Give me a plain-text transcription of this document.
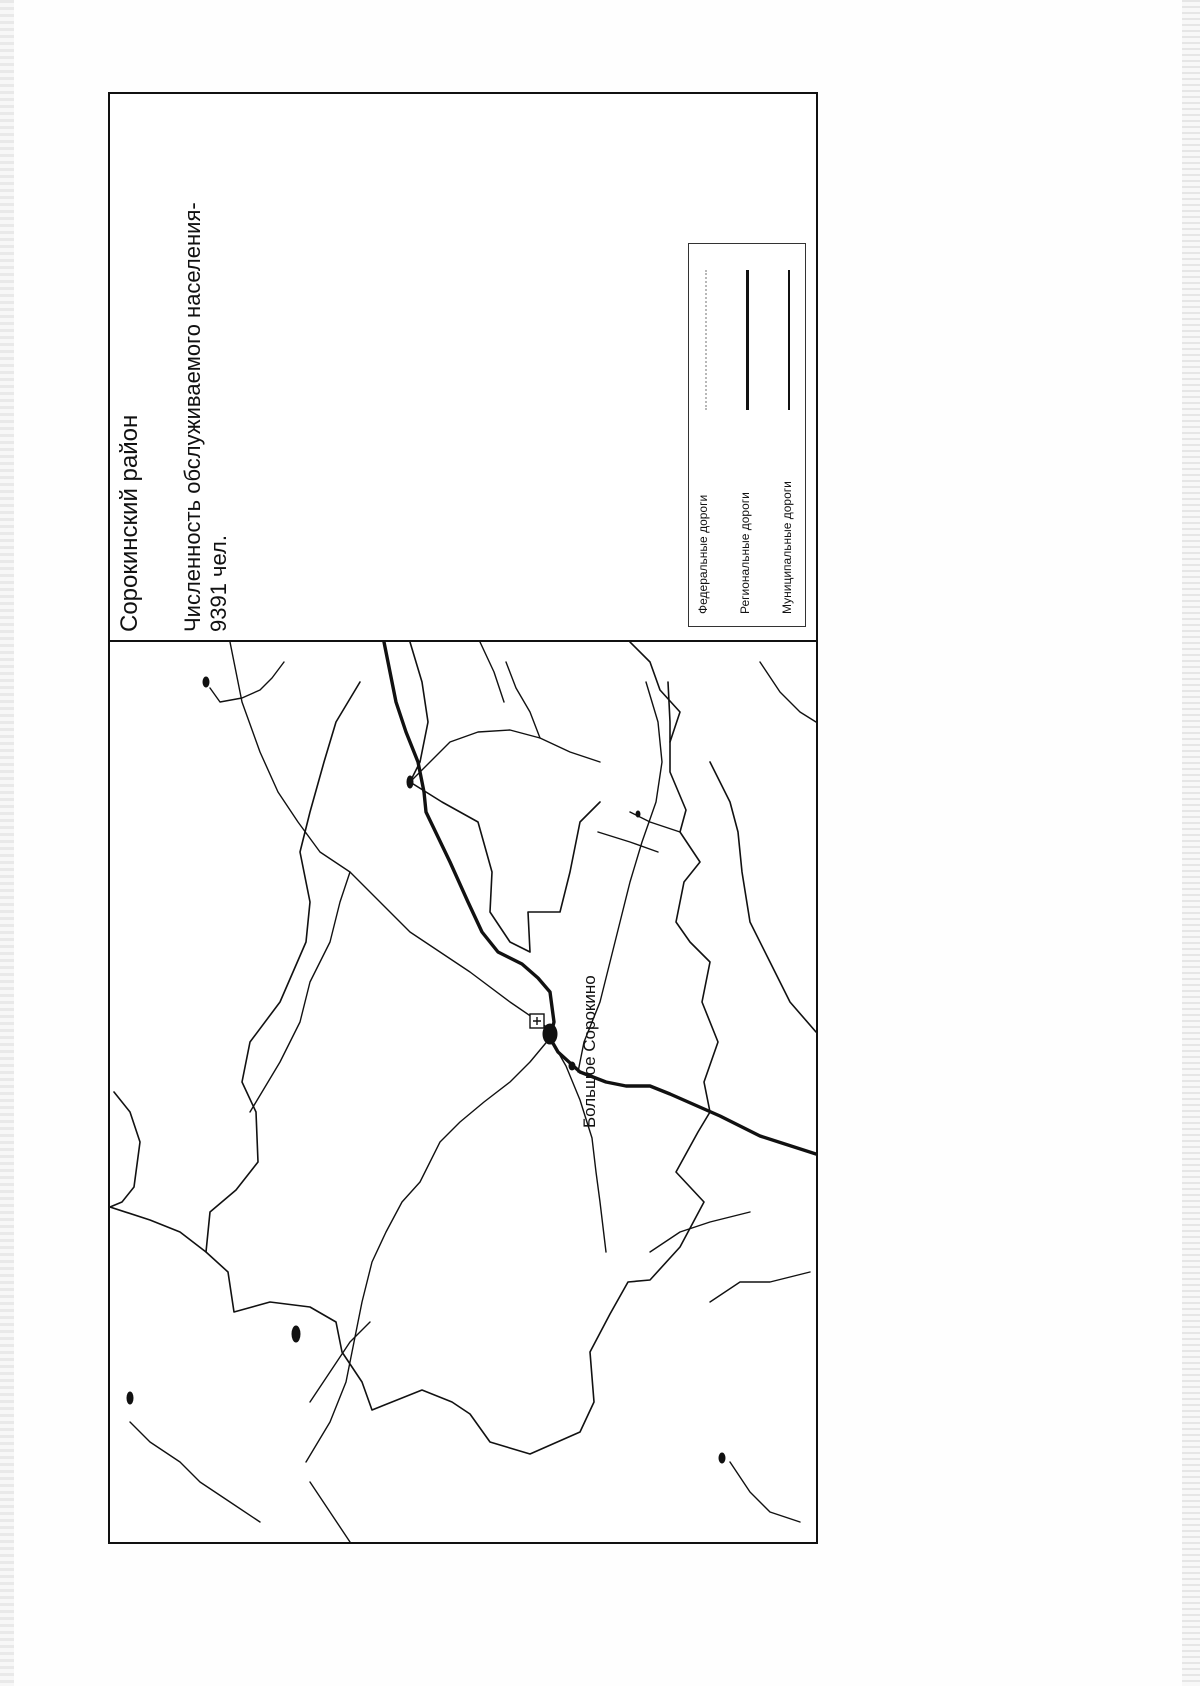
Сорокинский район Численность обслуживаемого населения- 9391 чел.	Федеральные дороги Региональные дороги Муниципальные дороги
Большое Сорокино
